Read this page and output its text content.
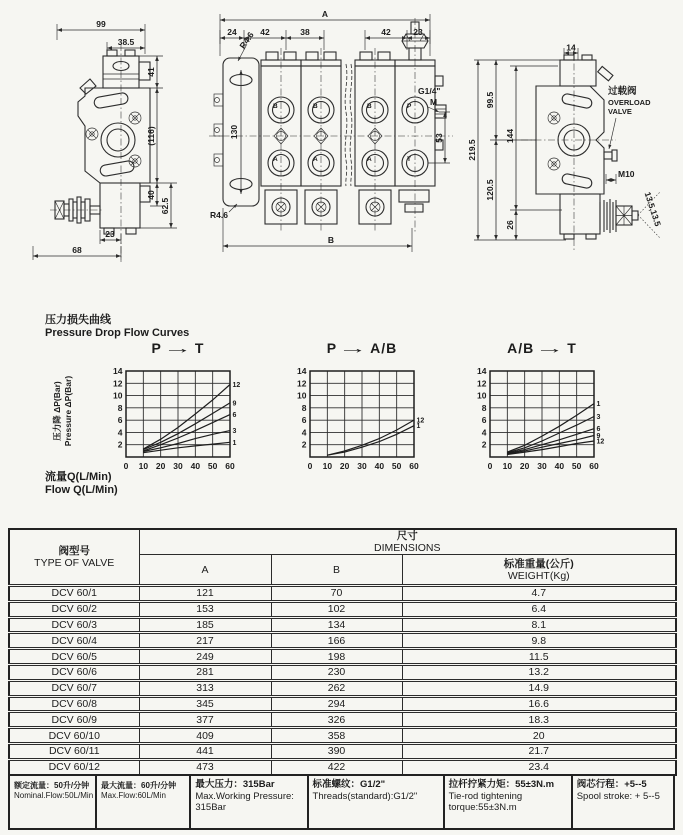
99
38.5
41
(116)
40
62.5
23
68
B
A
B
A
B
A
P
T
A
24	42	38	42	23
R4.6
130
R4.6
G1/4"
M
53
B
过载阀
OVERLOAD
VALVE
M10
13.5,13.5
14
219.5
99.5
120.5
144
26
压力损失曲线
Pressure Drop Flow Curves
P→T	P→A/B	A/B→T
压力降 ΔP(Bar) Pressure ΔP(Bar)	2
4
6
8
10
12
14
0 10 20 30 40 50 60
12
9
6
3
1	2
4
6
8
10
12
14
0 10 20 30 40 50 60
12
1
2
4
6
8
10
12
14
0 10 20 30 40 50 60
1
3
6
9
12
流量Q(L/Min)
Flow Q(L/Min)
阀型号
TYPE OF VALVE

尺寸
DIMENSIONS

	A	B	标准重量(公斤)
WEIGHT(Kg)

DCV 60/1	121	70	4.7
DCV 60/2	153	102	6.4
DCV 60/3	185	134	8.1
DCV 60/4	217	166	9.8
DCV 60/5	249	198	11.5
DCV 60/6	281	230	13.2
DCV 60/7	313	262	14.9
DCV 60/8	345	294	16.6
DCV 60/9	377	326	18.3
DCV 60/10	409	358	20
DCV 60/11	441	390	21.7
DCV 60/12	473	422	23.4
额定流量：50升/分钟
Nominal.Flow:50L/Min
最大流量：60升/分钟
Max.Flow:60L/Min
最大压力：315Bar
Max.Working Pressure: 315Bar
标准螺纹：G1/2"
Threads(standard):G1/2"
拉杆拧紧力矩：55±3N.m
Tie-rod tightening torque:55±3N.m
阀芯行程：+5--5
Spool stroke: + 5--5
